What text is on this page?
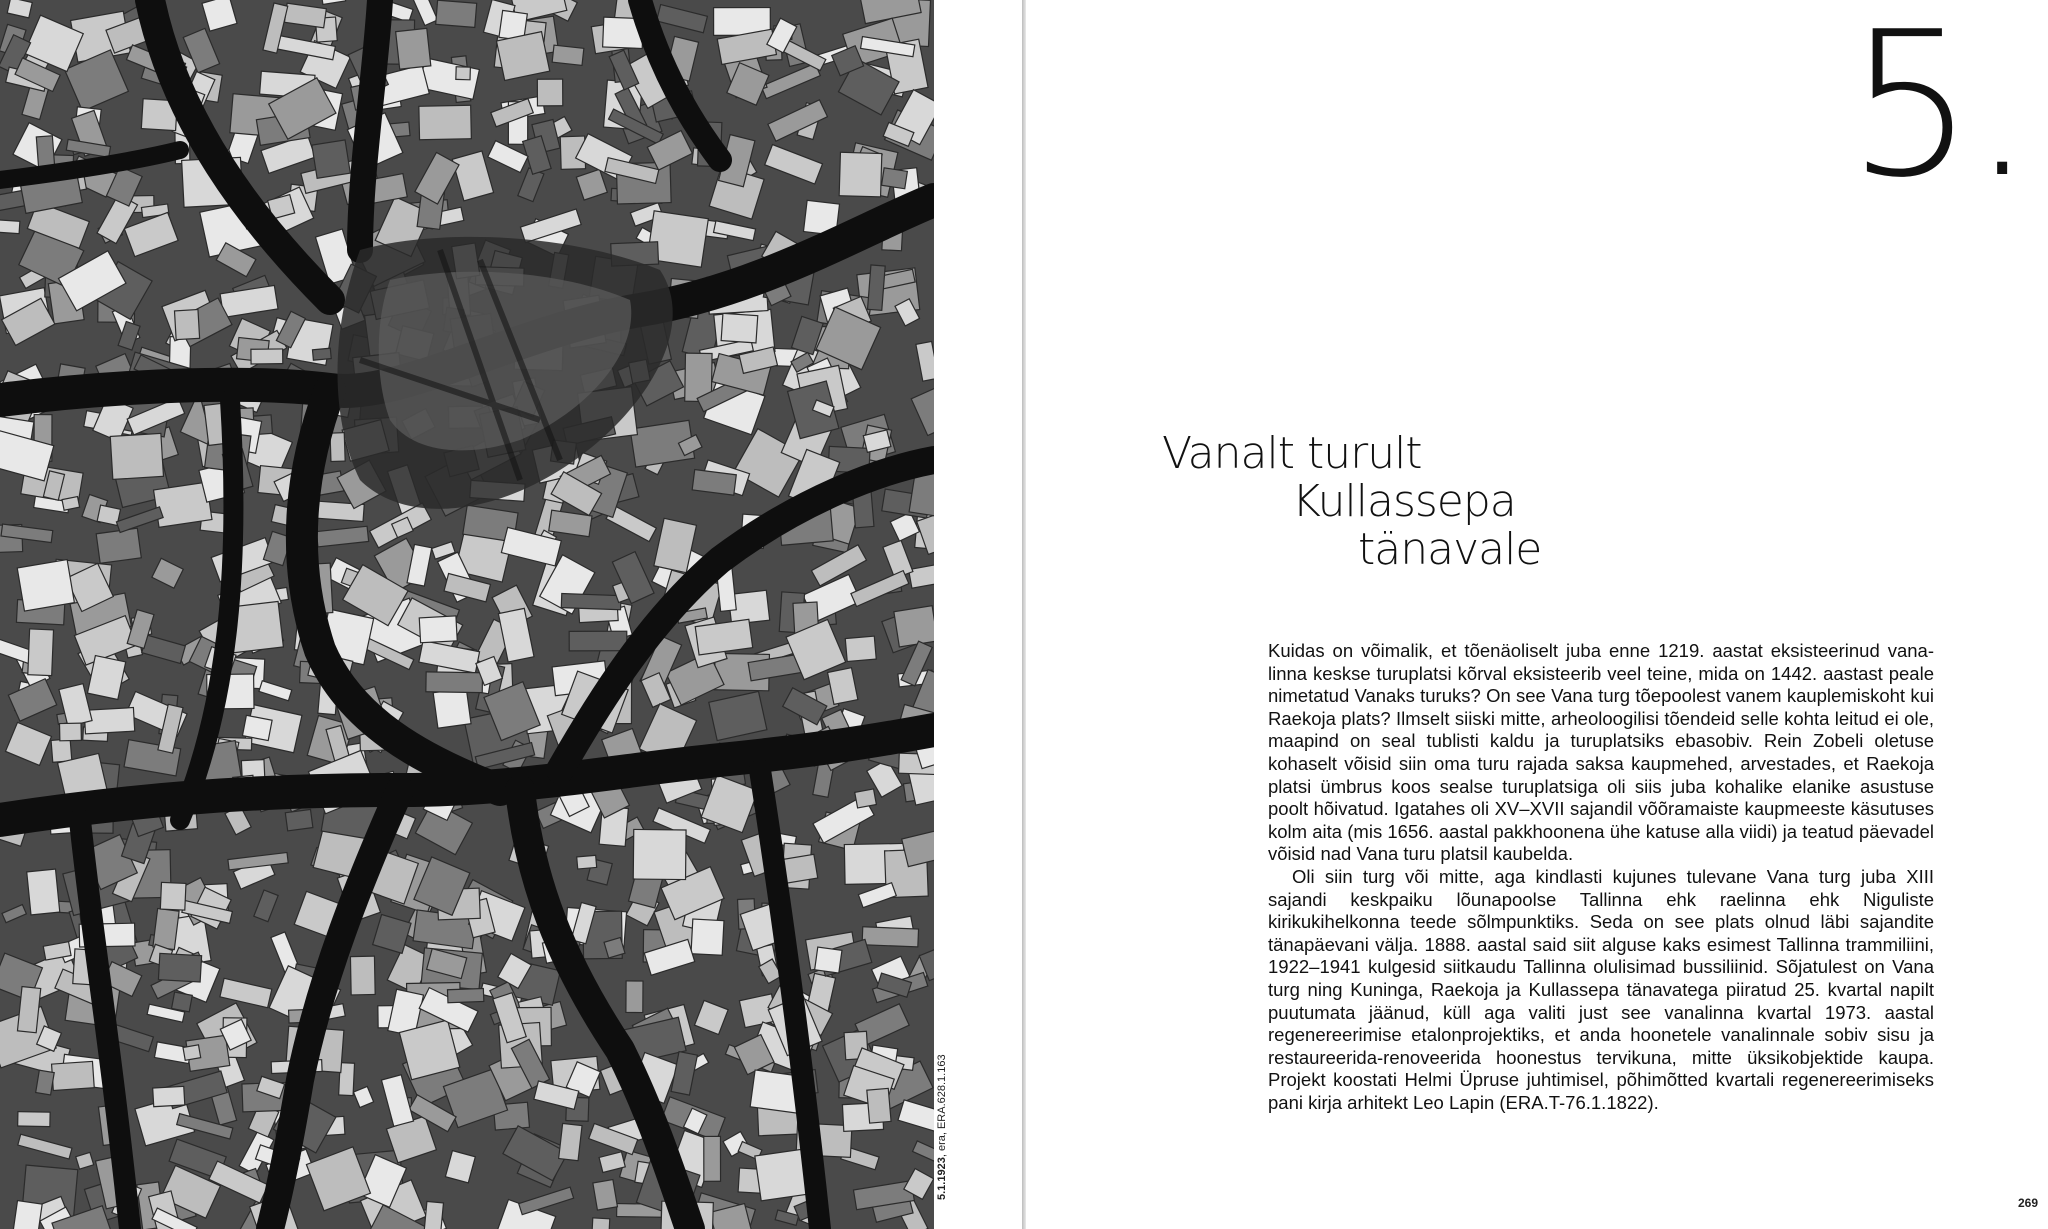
5.1.1923, era, ERA.628.1.163
5.
Vanalt turult
Kullassepa
tänavale

Kuidas on võimalik, et tõenäoliselt juba enne 1219. aastat eksisteerinud vanalinna keskse turuplatsi kõrval eksisteerib veel teine, mida on 1442. aastast peale nimetatud Vanaks turuks? On see Vana turg tõepoolest vanem kauplemiskoht kui Raekoja plats? Ilmselt siiski mitte, arheoloogilisi tõendeid selle kohta leitud ei ole, maapind on seal tublisti kaldu ja turuplatsiks ebasobiv. Rein Zobeli oletuse kohaselt võisid siin oma turu rajada saksa kaupmehed, arvestades, et Raekoja platsi ümbrus koos sealse turuplatsiga oli siis juba kohalike elanike asustuse poolt hõivatud. Igatahes oli XV–XVII sajandil võõramaiste kaupmeeste käsutuses kolm aita (mis 1656. aastal pakkhoonena ühe katuse alla viidi) ja teatud päevadel võisid nad Vana turu platsil kaubelda.

Oli siin turg või mitte, aga kindlasti kujunes tulevane Vana turg juba XIII sajandi keskpaiku lõunapoolse Tallinna ehk raelinna ehk Niguliste kirikukihelkonna teede sõlmpunktiks. Seda on see plats olnud läbi sajandite tänapäevani välja. 1888. aastal said siit alguse kaks esimest Tallinna trammiliini, 1922–1941 kulgesid siitkaudu Tallinna olulisimad bussiliinid. Sõjatulest on Vana turg ning Kuninga, Raekoja ja Kullassepa tänavatega piiratud 25. kvartal napilt puutumata jäänud, küll aga valiti just see vanalinna kvartal 1973. aastal regenereerimise etalonprojektiks, et anda hoonetele vanalinnale sobiv sisu ja restaureerida-renoveerida hoonestus tervikuna, mitte üksikobjektide kaupa. Projekt koostati Helmi Üpruse juhtimisel, põhimõtted kvartali regenereerimiseks pani kirja arhitekt Leo Lapin (ERA.T-76.1.1822).

269
